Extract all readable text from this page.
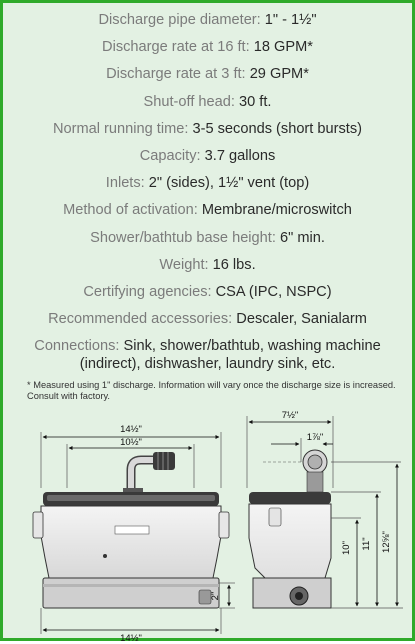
Discharge pipe diameter: 1" - 1½"
Discharge rate at 16 ft: 18 GPM*
Discharge rate at 3 ft: 29 GPM*
Shut-off head: 30 ft.
Normal running time: 3-5 seconds (short bursts)
Capacity: 3.7 gallons
Inlets: 2" (sides), 1½" vent (top)
Method of activation: Membrane/microswitch
Shower/bathtub base height: 6" min.
Weight: 16 lbs.
Certifying agencies: CSA (IPC, NSPC)
Recommended accessories: Descaler, Sanialarm
Connections: Sink, shower/bathtub, washing machine (indirect), dishwasher, laundry sink, etc.
* Measured using 1" discharge. Information will vary once the discharge size is increased. Consult with factory.
14½"
10½"
2"
14½"
7½"
1⅞"
10" 11" 12⅝"
